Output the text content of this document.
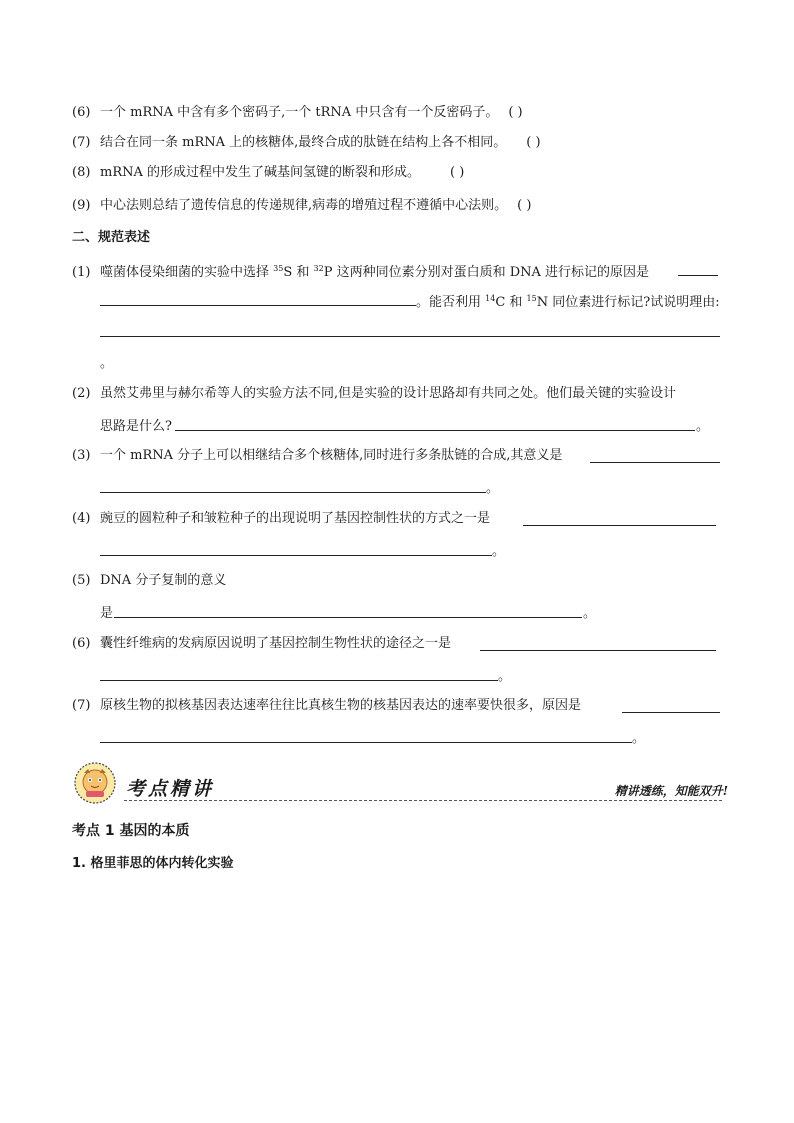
(6) 一个 mRNA 中含有多个密码子,一个 tRNA 中只含有一个反密码子。 ( )
(7) 结合在同一条 mRNA 上的核糖体,最终合成的肽链在结构上各不相同。 ( )
(8) mRNA 的形成过程中发生了碱基间氢键的断裂和形成。 ( )
(9) 中心法则总结了遗传信息的传递规律,病毒的增殖过程不遵循中心法则。 ( )
二、规范表述
(1) 噬菌体侵染细菌的实验中选择 $^{35}$S 和 $^{32}$P 这两种同位素分别对蛋白质和 DNA 进行标记的原因是
。能否利用 $^{14}$C 和 $^{15}$N 同位素进行标记?试说明理由:
。
(2) 虽然艾弗里与赫尔希等人的实验方法不同,但是实验的设计思路却有共同之处。他们最关键的实验设计
思路是什么?	。
(3) 一个 mRNA 分子上可以相继结合多个核糖体,同时进行多条肽链的合成,其意义是
。
(4) 豌豆的圆粒种子和皱粒种子的出现说明了基因控制性状的方式之一是
。
(5) DNA 分子复制的意义
是	。
(6) 囊性纤维病的发病原因说明了基因控制生物性状的途径之一是
。
(7) 原核生物的拟核基因表达速率往往比真核生物的核基因表达的速率要快很多，原因是
。
考点精讲	精讲透练，知能双升!
考点 1 基因的本质
1. 格里菲思的体内转化实验
